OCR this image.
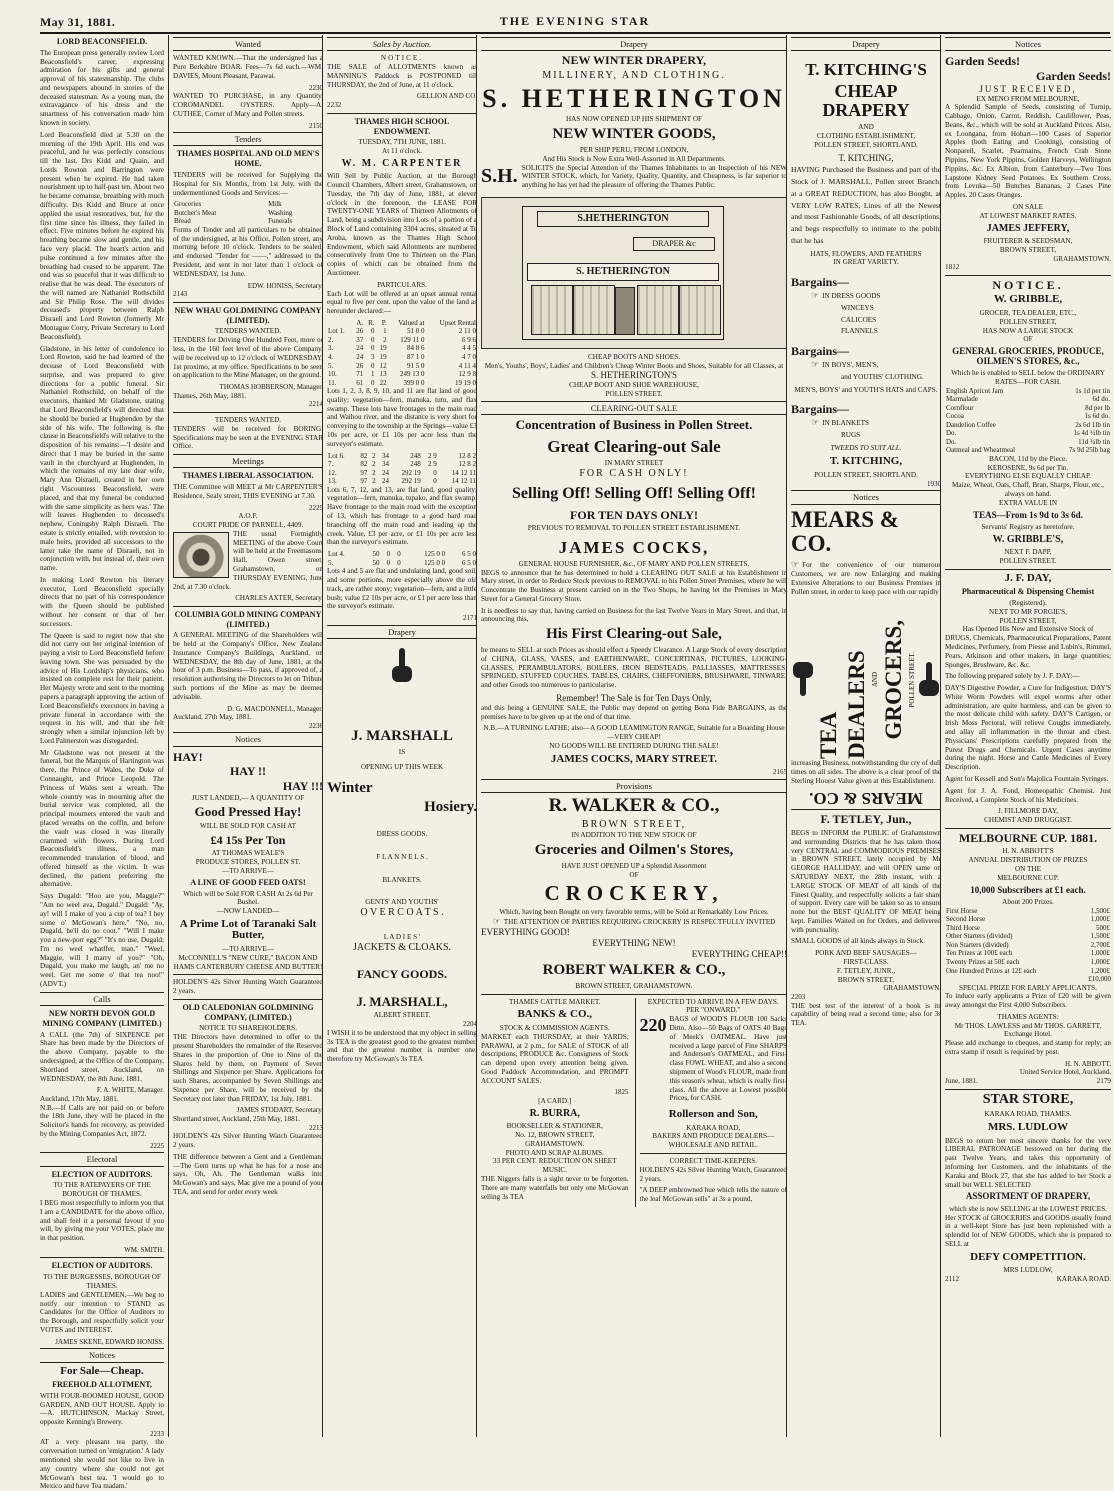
May 31, 1881.	THE EVENING STAR
LORD BEACONSFIELD.

The European press generally review Lord Beaconsfield's career, expressing admiration for his gifts and general approval of his statesmanship. The clubs and newspapers abound in stories of the deceased statesman. As a young man, the extravagance of his dress and the smartness of his conversation made him known in society.

Lord Beaconsfield died at 5.30 on the morning of the 19th April. His end was peaceful, and he was perfectly conscious till the last. Drs Kidd and Quain, and Lords Rowton and Barrington were present when he expired. He had taken nourishment up to half-past ten. About two he became comatose, breathing with much difficulty. Drs Kidd and Bruce at once applied the usual restoratives, but, for the first time since his illness, they failed in effect. Five minutes before he expired his breathing became slow and gentle, and his face very placid. The heart's action and pulse continued a few minutes after the breathing had ceased to be apparent. The end was so peaceful that it was difficult to realise that he was dead. The executors of the will named are Nathaniel Rothschild and Sir Philip Rose. The will divides deceased's property between Ralph Disraeli and Lord Rowton (formerly Mr Montague Corry, Private Secretary to Lord Beaconsfield).

Gladstone, in his letter of condolence to Lord Rowton, said he had learned of the decease of Lord Beaconsfield with surprise, and was prepared to give directions for a public funeral. Sir Nathaniel Rothschild, on behalf of the executors, thanked Mr Gladstone, stating that Lord Beaconsfield's will directed that he should be buried at Hughenden by the side of his wife. The following is the clause in Beaconsfield's will relative to the disposition of his remains:—'I desire and direct that I may be buried in the same vault in the churchyard at Hughenden, in which the remains of my late dear wife, Mary Ann Disraeli, created in her own right Viscountess Beaconsfield, were placed, and that my funeral be conducted with the same simplicity as hers was.' The will leaves Hughenden to deceased's nephew, Coningsby Ralph Disraeli. The estate is strictly entailed, with reversion to male heirs, provided all successors to the latter take the name of Disraeli, not in conjunction with, but instead of, their own name.

In making Lord Rowton his literary executor, Lord Beaconsfield specially directs that no part of his correspondence with the Queen should be published without her consent or that of her successors.

The Queen is said to regret now that she did not carry out her original intention of paying a visit to Lord Beaconsfield before leaving town. She was persuaded by the advice of His Lordship's physicians, who insisted on complete rest for their patient. Her Majesty wrote and sent to the morning papers a paragraph approving the action of Lord Beaconsfield's executors in having a private funeral in accordance with the request in his will, and that she felt strongly when a similar injunction left by Lord Palmerston was disregarded.

Mr Gladstone was not present at the funeral, but the Marquis of Hartington was there, the Prince of Wales, the Duke of Connaught, and Prince Leopold. The Princess of Wales sent a wreath. The whole country was in mourning after the burial service was completed, all the principal mourners entered the vault and placed wreaths on the coffin, and before the vault was closed it was literally crammed with flowers. During Lord Beaconsfield's illness, a man recommended translation of blood, and offered himself as the victim. It was declined, the patient preferring the alternative.

Says Dugald: "Hoo are you, Maggie?" "Am no weel ava, Dugald." Dugald: "Ay, ay! will I make of you a cup of tea? I hey some o' McGowan's here." "No, no, Dugald, he'll do no coot." "Will I make you a new-porr egg?" "It's no use, Dugald; I'm no weel whatffer, man." "Weel, Maggie, will I marry of you?" "Oh, Dugald, you make me laugh, an' me no weel. Get me some o' that tea noo!" (ADVT.)

Calls
NEW NORTH DEVON GOLD MINING COMPANY (LIMITED.)

A CALL (the 7th) of SIXPENCE per Share has been made by the Directors of the above Company, payable to the undersigned, at the Office of the Company, Shortland street, Auckland, on WEDNESDAY, the 8th June, 1881.

F. A. WHITE, Manager.
Auckland, 17th May, 1881.

N.B.—If Calls are not paid on or before the 18th June, they will be placed in the Solicitor's hands for recovery, as provided by the Mining Companies Act, 1872.

2225
Electoral
ELECTION OF AUDITORS.
TO THE RATEPAYERS OF THE BOROUGH OF THAMES.

I BEG most respectfully to inform you that I am a CANDIDATE for the above office, and shall feel it a personal favour if you will, by giving me your VOTES, place me in that position.

WM. SMITH.
ELECTION OF AUDITORS.
TO THE BURGESSES, BOROUGH OF THAMES.

LADIES and GENTLEMEN,—We beg to notify our intention to STAND as Candidates for the Office of Auditors to the Borough, and respectfully solicit your VOTES and INTEREST.

JAMES SKENE, EDWARD HONISS.
Notices
For Sale—Cheap.
FREEHOLD ALLOTMENT,

WITH FOUR-ROOMED HOUSE, GOOD GARDEN, AND OUT HOUSE. Apply to—A. HUTCHINSON, Mackay Street, opposite Kenning's Brewery.

2233

AT a very pleasant tea party, the conversation turned on 'emigration.' A lady mentioned she would not like to live in any country where she could not get McGowan's best tea. 'I would go to Mexico and have Tea madam.'

Wanted

WANTED KNOWN.—That the undersigned has a Pure Berkshire BOAR. Fees—7s 6d each.—WM. DAVIES, Mount Pleasant, Parawai.

2230

WANTED TO PURCHASE, in any Quantity, COROMANDEL OYSTERS. Apply—A. CUTHEE, Corner of Mary and Pollen streets.

2150
Tenders
THAMES HOSPITAL AND OLD MEN'S HOME.

TENDERS will be received for Supplying the Hospital for Six Months, from 1st July, with the undermentioned Goods and Services:—

Groceries	Milk
Butcher's Meat	Washing
Bread	Funerals

Forms of Tender and all particulars to be obtained of the undersigned, at his Office, Pollen street, any morning before 10 o'clock. Tenders to be sealed, and endorsed "Tender for ——," addressed to the President, and sent in not later than 1 o'clock of WEDNESDAY, 1st June.

EDW. HONISS, Secretary.
2143
NEW WHAU GOLDMINING COMPANY (LIMITED).
TENDERS WANTED.

TENDERS for Driving One Hundred Feet, more or less, in the 160 feet level of the above Company, will be received up to 12 o'clock of WEDNESDAY, 1st proximo, at my office. Specifications to be seen on application to the Mine Manager, on the ground.

THOMAS HOBBERSON, Manager.
Thames, 26th May, 1881.
2214
TENDERS WANTED.

TENDERS will be received for BORING. Specifications may be seen at the EVENING STAR Office.

Meetings
THAMES LIBERAL ASSOCIATION.

THE Committee will MEET at Mr CARPENTER'S Residence, Sealy street, THIS EVENING at 7.30.

2229
A.O.F.
COURT PRIDE OF PARNELL, 4409.

THE usual Fortnightly MEETING of the above Court will be held at the Freemasons' Hall, Owen street, Grahamstown, on THURSDAY EVENING, June 2nd, at 7.30 o'clock.

CHARLES AXTER, Secretary.
COLUMBIA GOLD MINING COMPANY (LIMITED.)

A GENERAL MEETING of the Shareholders will be held at the Company's Office, New Zealand Insurance Company's Buildings, Auckland, on WEDNESDAY, the 8th day of June, 1881, at the hour of 3 p.m. Business—To pass, if approved of, a resolution authorising the Directors to let on Tribute such portions of the Mine as may be deemed advisable.

D. G. MACDONNELL, Manager.
Auckland, 27th May, 1881.
2236
Notices
HAY!
HAY !!
HAY !!!
JUST LANDED,— A QUANTITY OF
Good Pressed Hay!
WILL BE SOLD FOR CASH AT
£4 15s Per Ton
AT THOMAS WEALE'S
PRODUCE STORES, POLLEN ST.
—TO ARRIVE—
A LINE OF GOOD FEED OATS!
Which will be Sold FOR CASH At 2s 6d Per Bushel.
—NOW LANDED—
A Prime Lot of Taranaki Salt Butter,
—TO ARRIVE—
McCONNELL'S "NEW CURE," BACON AND HAMS CANTERBURY CHEESE AND BUTTER!

HOLDEN'S 42s Silver Hunting Watch Guaranteed 2 years.

OLD CALEDONIAN GOLDMINING COMPANY, (LIMITED.)
NOTICE TO SHAREHOLDERS.

THE Directors have determined to offer to the present Shareholders the remainder of the Reserved Shares in the proportion of One to Nine of the Shares held by them, on Payment of Seven Shillings and Sixpence per Share. Applications for such Shares, accompanied by Seven Shillings and Sixpence per Share, will be received by the Secretary not later than FRIDAY, 1st July, 1881.

JAMES STODART, Secretary.
Shortland street, Auckland, 25th May, 1881.
2213

HOLDEN'S 42s Silver Hunting Watch Guaranteed 2 years.

THE difference between a Gent and a Gentleman:—The Gent turns up what he has for a nose and says, Oh, Ah. The Gentleman walks into McGowan's and says, Mac give me a pound of your TEA, and send for order every week

Sales by Auction.
NOTICE.

THE SALE of ALLOTMENTS known as MANNING'S Paddock is POSTPONED till THURSDAY, the 2nd of June, at 11 o'clock.

GELLION AND CO.
2232
THAMES HIGH SCHOOL ENDOWMENT.
TUESDAY, 7TH JUNE, 1881.
At 11 o'clock.
W. M. CARPENTER

Will Sell by Public Auction, at the Borough Council Chambers, Albert street, Grahamstown, on Tuesday, the 7th day of June, 1881, at eleven o'clock in the forenoon, the LEASE FOR TWENTY-ONE YEARS of Thirteen Allotments of Land, being a subdivision into Lots of a portion of a Block of Land containing 3304 acres, situated at Te Aroha, known as the Thames High School Endowment, which said Allotments are numbered consecutively from One to Thirteen on the Plan, copies of which can be obtained from the Auctioneer.

PARTICULARS.

Each Lot will be offered at an upset annual rental equal to five per cent. upon the value of the land as hereunder declared:—

	A.	R.	P.	Valued at	Upset Rental
Lot 1.	26	0	1	51 0 0	2 11 0
2.	37	0	2	129 11 0	6 9 6
3.	24	0	19	84 8 6	4 4 5
4.	24	3	19	87 1 0	4 7 0
5.	26	0	12	91 5 0	4 11 4
10.	71	1	13	249 13 0	12 9 8
11.	61	0	22	399 0 0	19 19 0

Lots 1, 2, 3, 8, 9, 10, and 11 are flat land of good quality; vegetation—fern, manuka, tutu, and flax swamp. These lots have frontages to the main road and Waihou river, and the distance is very short for conveying to the township at the Springs—value £3 10s per acre, or £1 10s per acre less than the surveyor's estimate.

Lot 6.	82	2	34	248	2 9	12 8 2
7.	82	2	34	248	2 9	12 8 2
12.	97	2	24	292 19	0	14 12 11
13.	97	2	24	292 19	0	14 12 11

Lots 6, 7, 12, and 13, are flat land, good quality; vegetation—fern, manuka, tupako, and flax swamp. Have frontage to the main road with the exception of 13, which has frontage to a good hard road branching off the main road and leading up the creek. Value, £3 per acre, or £1 10s per acre less than the surveyor's estimate.

Lot 4.	50	0	0	125 0 0	6 5 0
5.	50	0	0	125 0 0	6 5 0

Lots 4 and 5 are flat and undulating land, good soil, and some portions, more especially above the old track, are rather stony; vegetation—fern, and a little bush; value £2 10s per acre, or £1 per acre less than the surveyor's estimate.

2171
Drapery
J. MARSHALL
IS
OPENING UP THIS WEEK
Winter
Hosiery.
DRESS GOODS.
F L A N N E L S .
BLANKETS.
GENTS' AND YOUTHS'
O V E R C O A T S .
L A D I E S '
JACKETS & CLOAKS.
FANCY GOODS.
J. MARSHALL,
ALBERT STREET.
2204

I WISH it to be understood that my object in selling 3s TEA is the greatest good to the greatest number, and that the greatest number is number one, therefore try McGowan's 3s TEA

Drapery
NEW WINTER DRAPERY,
MILLINERY, AND CLOTHING.
S. HETHERINGTON
HAS NOW OPENED UP HIS SHIPMENT OF
NEW WINTER GOODS,
PER SHIP PERU, FROM LONDON,
And His Stock is Now Extra Well-Assorted in All Departments.
S.H. SOLICITS the Special Attention of the Thames Inhabitants to an Inspection of his NEW WINTER STOCK, which, for Variety, Quality, Quantity, and Cheapness, is far superior to anything he has yet had the pleasure of offering the Thames Public.

S.HETHERINGTON
DRAPER &c
S. HETHERINGTON
CHEAP BOOTS AND SHOES.
Men's, Youths', Boys', Ladies' and Children's Cheap Winter Boots and Shoes, Suitable for all Classes, at
S. HETHERINGTON'S
CHEAP BOOT AND SHOE WAREHOUSE,
POLLEN STREET.
CLEARING-OUT SALE
Concentration of Business in Pollen Street.
Great Clearing-out Sale
IN MARY STREET
FOR CASH ONLY!
Selling Off! Selling Off! Selling Off!
FOR TEN DAYS ONLY!
PREVIOUS TO REMOVAL TO POLLEN STREET ESTABLISHMENT.
JAMES COCKS,
GENERAL HOUSE FURNISHER, &c., OF MARY AND POLLEN STREETS,

BEGS to announce that he has determined to hold a CLEARING OUT SALE at his Establishment in Mary street, in order to Reduce Stock previous to REMOVAL to his Pollen Street Premises, where he will Concentrate the Business at present carried on in the Two Shops, he having let the Premises in Mary Street for a General Grocery Store.

It is needless to say that, having carried on Business for the last Twelve Years in Mary Street, and that, in announcing this,

His First Clearing-out Sale,

he means to SELL at such Prices as should effect a Speedy Clearance. A Large Stock of every description of CHINA, GLASS, VASES, and EARTHENWARE, CONCERTINAS, PICTURES, LOOKING-GLASSES, PERAMBULATORS, BOILERS, IRON BEDSTEADS, PALLIASSES, MATTRESSES, SPRINGED, STUFFED COUCHES, TABLES, CHAIRS, CHEFFONIERS, BRUSHWARE, TINWARE, and other Goods too numerous to particularise.

Remember! The Sale is for Ten Days Only,

and this being a GENUINE SALE, the Public may depend on getting Bona Fide BARGAINS, as the premises have to be given up at the end of that time.

N.B.—A TURNING LATHE; also—A GOOD LEAMINGTON RANGE, Suitable for a Boarding House—VERY CHEAP!
NO GOODS WILL BE ENTERED DURING THE SALE!
JAMES COCKS, MARY STREET.
2165
Provisions
R. WALKER & CO.,
BROWN STREET,
IN ADDITION TO THE NEW STOCK OF
Groceries and Oilmen's Stores,
HAVE JUST OPENED UP a Splendid Assortment
OF
CROCKERY,
Which, having been Bought on very favorable terms, will be Sold at Remarkably Low Prices.
☞ THE ATTENTION OF PARTIES REQUIRING CROCKERY IS RESPECTFULLY INVITED
EVERYTHING GOOD!
EVERYTHING NEW!
EVERYTHING CHEAP!!
ROBERT WALKER & CO.,
BROWN STREET, GRAHAMSTOWN.
THAMES CATTLE MARKET.
BANKS & CO.,
STOCK & COMMISSION AGENTS.

MARKET each THURSDAY, at their YARDS, PARAWAI, at 2 p.m., for SALE of STOCK of all descriptions, PRODUCE &c. Consignees of Stock can depend upon every attention being given. Good Paddock Accommodation, and PROMPT ACCOUNT SALES.

1825
[A CARD.]
R. BURRA,
BOOKSELLER & STATIONER,
No. 12, BROWN STREET,
GRAHAMSTOWN.
PHOTO AND SCRAP ALBUMS.
33 PER CENT. REDUCTION ON SHEET MUSIC.

THE Niggers falls is a sight never to be forgotten. There are many waterfalls but only one McGowan selling 3s TEA

EXPECTED TO ARRIVE IN A FEW DAYS.
PER "ONWARD."
220 BAGS of WOOD'S FLOUR 100 Sacks Ditto. Also—50 Bags of OATS 40 Bags of Meek's OATMEAL. Have just received a large parcel of Fine SHARPS and Anderson's OATMEAL, and First-class FOWL WHEAT, and also a second shipment of Wood's FLOUR, made from this season's wheat, which is really first-class. All the above at Lowest possible Prices, for CASH.

Rollerson and Son,
KARAKA ROAD,
BAKERS AND PRODUCE DEALERS—WHOLESALE AND RETAIL.
CORRECT TIME-KEEPERS.

HOLDEN'S 42s Silver Hunting Watch, Guaranteed 2 years.

"A DEEP embrowned hue which tells the nature of the leaf McGowan sells" at 3s a pound,

Drapery
T. KITCHING'S
CHEAP DRAPERY
AND
CLOTHING ESTABLISHMENT,
POLLEN STREET, SHORTLAND.
T. KITCHING,

HAVING Purchased the Business and part of the Stock of J. MARSHALL, Pollen street Branch, at a GREAT REDUCTION, has also Bought, at VERY LOW RATES, Lines of all the Newest and most Fashionable Goods, of all descriptions, and begs respectfully to intimate to the public that he has

HATS, FLOWERS, AND FEATHERS
IN GREAT VARIETY.
Bargains—
☞ IN DRESS GOODS
WINCEYS
CALICOES
FLANNELS
Bargains—
☞ IN BOYS', MEN'S,
and YOUTHS' CLOTHING.
MEN'S, BOYS' and YOUTH'S HATS and CAPS.
Bargains—
☞ IN BLANKETS
RUGS
TWEEDS TO SUIT ALL.
T. KITCHING,
POLLEN STREET, SHORTLAND.
1930
Notices
MEARS & CO.

☞ For the convenience of our numerous Customers, we are now Enlarging and making Extensive Alterations to our Business Premises in Pollen street, in order to keep pace with our rapidly

TEA DEALERS AND GROCERS, POLLEN STREET.

increasing Business, notwithstanding the cry of dull times on all sides. The above is a clear proof of the Sterling Houest Value given at this Establishment.

MEARS & CO.
F. TETLEY, Jun.,

BEGS to INFORM the PUBLIC of Grahamstown and surrounding Districts that he has taken those very CENTRAL and COMMODIOUS PREMISES in BROWN STREET, lately occupied by Mr GEORGE HALLIDAY, and will OPEN same on SATURDAY NEXT, the 28th instant, with a LARGE STOCK OF MEAT of all kinds of the Finest Quality, and respectfully solicits a fair share of support. Every care will be taken so as to ensure none but the BEST QUALITY OF MEAT being kept. Families Waited on for Orders, and delivered with punctuality.

SMALL GOODS of all kinds always in Stock.

PORK AND BEEF SAUSAGES—
FIRST-CLASS.
F. TETLEY, JUNR.,
BROWN STREET,
GRAHAMSTOWN.
2203

THE best test of the interest of a book is its capability of being read a second time; also for 3s TEA.

Notices
Garden Seeds!
Garden Seeds!
JUST RECEIVED,
EX MENO FROM MELBOURNE,

A Splendid Sample of Seeds, consisting of Turnip, Cabbage, Onion, Carrot, Reddish, Cauliflower, Peas, Beans, &c., which will be sold at Auckland Prices. Also, ex Loongana, from Hobart—100 Cases of Superior Apples (both Eating and Cooking), consisting of Nonpareil, Scarlet, Pearmains, French Crab Stone Pippins, New York Pippins, Golden Harveys, Wellington Pippins, &c. Ex Albion, from Canterbury—Two Tons Lapstone Kidney Seed Potatoes. Ex Southern Cross, from Levuka—50 Bunches Bananas, 2 Cases Pine Apples, 20 Cases Oranges.

ON SALE
AT LOWEST MARKET RATES.
JAMES JEFFERY,
FRUITERER & SEEDSMAN,
BROWN STREET,
GRAHAMSTOWN.
1812
NOTICE.
W. GRIBBLE,
GROCER, TEA DEALER, ETC.,
POLLEN STREET,
HAS NOW A LARGE STOCK
OF
GENERAL GROCERIES, PRODUCE, OILMEN'S STORES, &c.,
Which he is enabled to SELL below the ORDINARY RATES—FOR CASH.
English Apricot Jam	1s 1d per tin
Marmalade	6d do.
Cornflour	8d per lb
Cocoa	1s 6d do.
Dandelion Coffee	2s 6d 1lb tin
Do.	1s 4d ½lb tin
Do.	11d ¼lb tin
Oatmeal and Wheatmeal	7s 9d 25lb bag
BACON, 11d by the Piece.
KEROSENE, 9s 6d per Tin.
EVERYTHING ELSE EQUALLY CHEAP.
Maize, Wheat, Oats, Chaff, Bran, Sharps, Flour, etc., always on hand.
EXTRA VALUE IN
TEAS—From 1s 9d to 3s 6d.
Servants' Registry as heretofore.
W. GRIBBLE'S,
NEXT F. DAPP,
POLLEN STREET.
J. F. DAY,
Pharmaceutical & Dispensing Chemist
(Registered).
NEXT TO MR FORGIE'S,
POLLEN STREET,
Has Opened His New and Extensive Stock of

DRUGS, Chemicals, Pharmaceutical Preparations, Patent Medicines, Perfumery, from Piesse and Lubin's, Rimmel, Pears, Atkinson and other makers, in large quantities; Sponges, Brushware, &c. &c.

The following prepared solely by J. F. DAY:—

DAY'S Digestive Powder, a Cure for Indigestion. DAY'S White Worm Powders will expel worms after other administration, are quite harmless, and can be given to the most delicate child with safety. DAY'S Cartigen, or Irish Moss Pectoral, will relieve Coughs immediately, and allay all inflammation in the throat and chest. Physicians' Prescriptions carefully prepared from the Purest Drugs and Chemicals. Urgent Cases anytime during the night. Horse and Cattle Medicines of Every Description.

Agent for Kessell and Son's Majolica Fountain Syringes.

Agent for J. A. Fond, Homeopathic Chemist. Just Received, a Complete Stock of his Medicines.

J. FILLMORE DAY,
CHEMIST AND DRUGGIST.
MELBOURNE CUP. 1881.
H. N. ABBOTT'S
ANNUAL DISTRIBUTION OF PRIZES
ON THE
MELBOURNE CUP.
10,000 Subscribers at £1 each.
About 200 Prizes.
First Horse	1,500£
Second Horse	1,000£
Third Horse	500£
Other Starters (divided)	1,500£
Non Starters (divided)	2,700£
Ten Prizes at 100£ each	1,000£
Twenty Prizes at 50£ each	1,000£
One Hundred Prizes at 12£ each	1,200£
£10,000
SPECIAL PRIZE FOR EARLY APPLICANTS.

To induce early applicants a Prize of £20 will be given away amongst the First 4,000 Subscribers.

THAMES AGENTS:
Mr THOS. LAWLESS and Mr THOS. GARRETT, Exchange Hotel.

Please add exchange to cheques, and stamp for reply; an extra stamp if result is required by post.

H. N. ABBOTT,
United Service Hotel, Auckland.
June, 1881.	2179
STAR STORE,
KARAKA ROAD, THAMES.
MRS. LUDLOW

BEGS to return her most sincere thanks for the very LIBERAL PATRONAGE bestowed on her during the past Twelve Years, and takes this opportunity of informing her Customers, and the inhabitants of the Karaka and Block 27, that she has added to her Stock a small but WELL SELECTED

ASSORTMENT OF DRAPERY,
which she is now SELLING at the LOWEST PRICES.

Her STOCK of GROCERIES and GOODS usually found in a well-kept Store has just been replenished with a splendid lot of NEW GOODS, which she is prepared to SELL at

DEFY COMPETITION.
MRS LUDLOW,
2112	KARAKA ROAD.
